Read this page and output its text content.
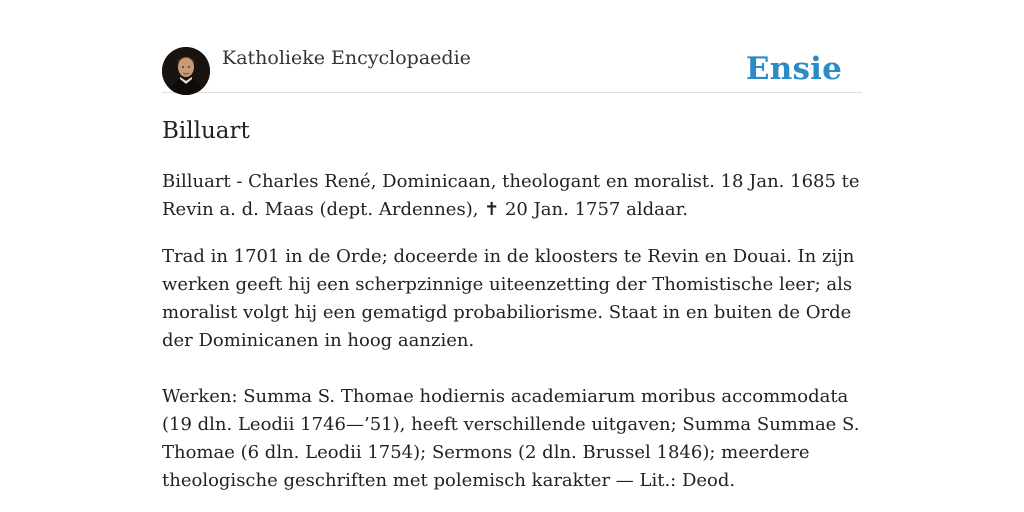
Katholieke Encyclopaedie	Ensie
Billuart

Billuart - Charles René, Dominicaan, theologant en moralist. 18 Jan. 1685 te Revin a. d. Maas (dept. Ardennes), ✝ 20 Jan. 1757 aldaar.

Trad in 1701 in de Orde; doceerde in de kloosters te Revin en Douai. In zijn werken geeft hij een scherpzinnige uiteenzetting der Thomistische leer; als moralist volgt hij een gematigd probabiliorisme. Staat in en buiten de Orde der Dominicanen in hoog aanzien.

Werken: Summa S. Thomae hodiernis academiarum moribus accommodata (19 dln. Leodii 1746—’51), heeft verschillende uitgaven; Summa Summae S. Thomae (6 dln. Leodii 1754); Sermons (2 dln. Brussel 1846); meerdere theologische geschriften met polemisch karakter — Lit.: Deod.
